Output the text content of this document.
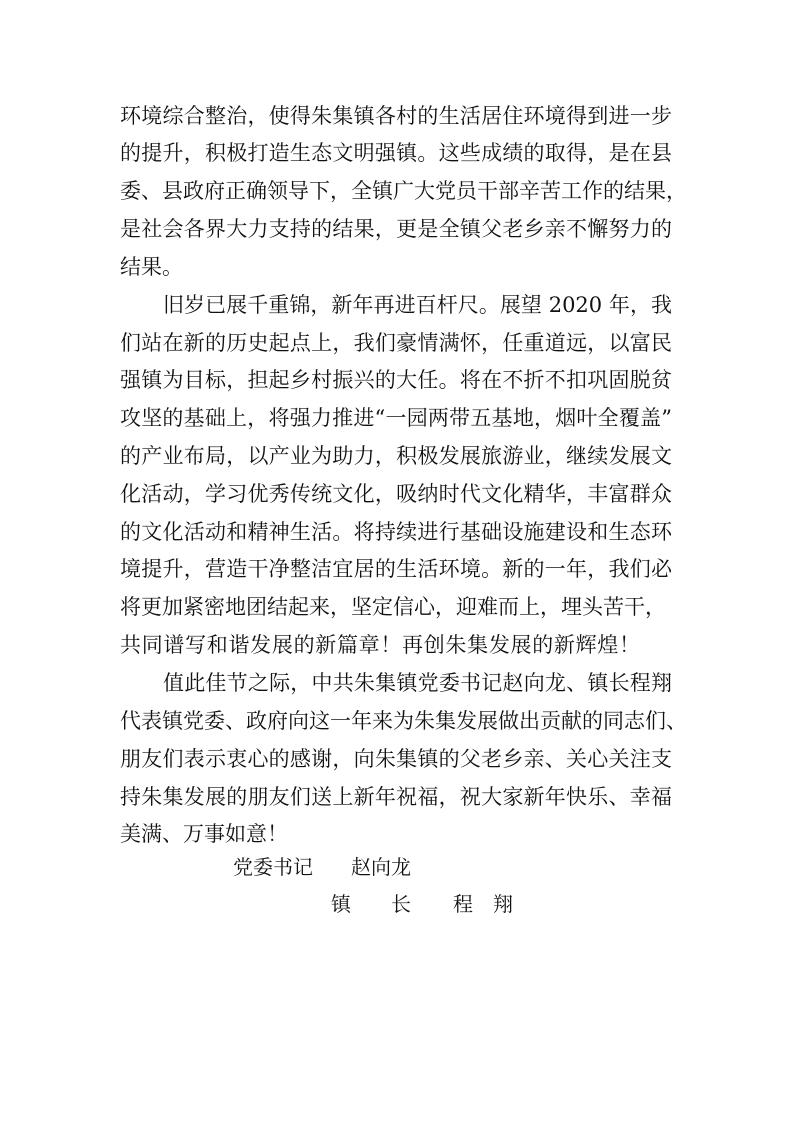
环境综合整治，使得朱集镇各村的生活居住环境得到进一步
的提升，积极打造生态文明强镇。这些成绩的取得，是在县
委、县政府正确领导下，全镇广大党员干部辛苦工作的结果，
是社会各界大力支持的结果，更是全镇父老乡亲不懈努力的
结果。
旧岁已展千重锦，新年再进百杆尺。展望 2020 年，我
们站在新的历史起点上，我们豪情满怀，任重道远，以富民
强镇为目标，担起乡村振兴的大任。将在不折不扣巩固脱贫
攻坚的基础上，将强力推进“一园两带五基地，烟叶全覆盖”
的产业布局，以产业为助力，积极发展旅游业，继续发展文
化活动，学习优秀传统文化，吸纳时代文化精华，丰富群众
的文化活动和精神生活。将持续进行基础设施建设和生态环
境提升，营造干净整洁宜居的生活环境。新的一年，我们必
将更加紧密地团结起来，坚定信心，迎难而上，埋头苦干，
共同谱写和谐发展的新篇章！再创朱集发展的新辉煌！
值此佳节之际，中共朱集镇党委书记赵向龙、镇长程翔
代表镇党委、政府向这一年来为朱集发展做出贡献的同志们、
朋友们表示衷心的感谢，向朱集镇的父老乡亲、关心关注支
持朱集发展的朋友们送上新年祝福，祝大家新年快乐、幸福
美满、万事如意！
党委书记 赵向龙
镇　　长 程　翔
